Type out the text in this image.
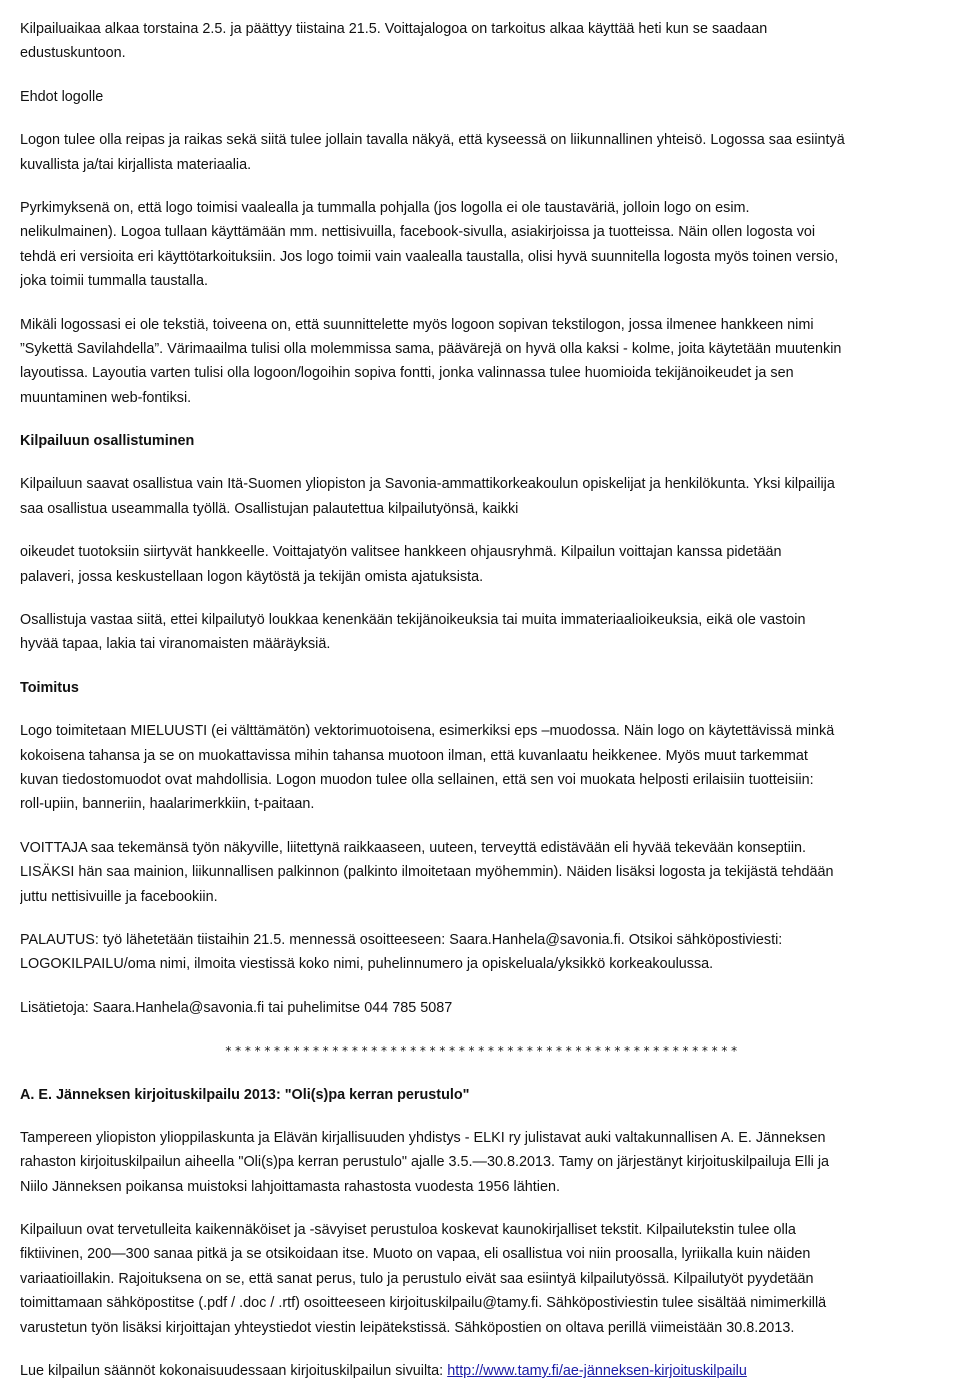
Kilpailuaikaa alkaa torstaina 2.5. ja päättyy tiistaina 21.5. Voittajalogoa on tarkoitus alkaa käyttää heti kun se saadaan
edustuskuntoon.
Ehdot logolle
Logon tulee olla reipas ja raikas sekä siitä tulee jollain tavalla näkyä, että kyseessä on liikunnallinen yhteisö. Logossa saa esiintyä
kuvallista ja/tai kirjallista materiaalia.
Pyrkimyksenä on, että logo toimisi vaalealla ja tummalla pohjalla (jos logolla ei ole taustaväriä, jolloin logo on esim.
nelikulmainen). Logoa tullaan käyttämään mm. nettisivuilla, facebook-sivulla, asiakirjoissa ja tuotteissa. Näin ollen logosta voi
tehdä eri versioita eri käyttötarkoituksiin. Jos logo toimii vain vaalealla taustalla, olisi hyvä suunnitella logosta myös toinen versio,
joka toimii tummalla taustalla.
Mikäli logossasi ei ole tekstiä, toiveena on, että suunnittelette myös logoon sopivan tekstilogon, jossa ilmenee hankkeen nimi
”Sykettä Savilahdella”. Värimaailma tulisi olla molemmissa sama, päävärejä on hyvä olla kaksi - kolme, joita käytetään muutenkin
layoutissa. Layoutia varten tulisi olla logoon/logoihin sopiva fontti, jonka valinnassa tulee huomioida tekijänoikeudet ja sen
muuntaminen web-fontiksi.
Kilpailuun osallistuminen
Kilpailuun saavat osallistua vain Itä-Suomen yliopiston ja Savonia-ammattikorkeakoulun opiskelijat ja henkilökunta. Yksi kilpailija
saa osallistua useammalla työllä. Osallistujan palautettua kilpailutyönsä, kaikki
oikeudet tuotoksiin siirtyvät hankkeelle. Voittajatyön valitsee hankkeen ohjausryhmä. Kilpailun voittajan kanssa pidetään
palaveri, jossa keskustellaan logon käytöstä ja tekijän omista ajatuksista.
Osallistuja vastaa siitä, ettei kilpailutyö loukkaa kenenkään tekijänoikeuksia tai muita immateriaalioikeuksia, eikä ole vastoin
hyvää tapaa, lakia tai viranomaisten määräyksiä.
Toimitus
Logo toimitetaan MIELUUSTI (ei välttämätön) vektorimuotoisena, esimerkiksi eps –muodossa. Näin logo on käytettävissä minkä
kokoisena tahansa ja se on muokattavissa mihin tahansa muotoon ilman, että kuvanlaatu heikkenee. Myös muut tarkemmat
kuvan tiedostomuodot ovat mahdollisia. Logon muodon tulee olla sellainen, että sen voi muokata helposti erilaisiin tuotteisiin:
roll-upiin, banneriin, haalarimerkkiin, t-paitaan.
VOITTAJA saa tekemänsä työn näkyville, liitettynä raikkaaseen, uuteen, terveyttä edistävään eli hyvää tekevään konseptiin.
LISÄKSI hän saa mainion, liikunnallisen palkinnon (palkinto ilmoitetaan myöhemmin). Näiden lisäksi logosta ja tekijästä tehdään
juttu nettisivuille ja facebookiin.
PALAUTUS: työ lähetetään tiistaihin 21.5. mennessä osoitteeseen: Saara.Hanhela@savonia.fi. Otsikoi sähköpostiviesti:
LOGOKILPAILU/oma nimi, ilmoita viestissä koko nimi, puhelinnumero ja opiskeluala/yksikkö korkeakoulussa.
Lisätietoja: Saara.Hanhela@savonia.fi tai puhelimitse 044 785 5087
*****************************************************
A. E. Jänneksen kirjoituskilpailu 2013: "Oli(s)pa kerran perustulo"
Tampereen yliopiston ylioppilaskunta ja Elävän kirjallisuuden yhdistys - ELKI ry julistavat auki valtakunnallisen A. E. Jänneksen
rahaston kirjoituskilpailun aiheella "Oli(s)pa kerran perustulo" ajalle 3.5.—30.8.2013. Tamy on järjestänyt kirjoituskilpailuja Elli ja
Niilo Jänneksen poikansa muistoksi lahjoittamasta rahastosta vuodesta 1956 lähtien.
Kilpailuun ovat tervetulleita kaikennäköiset ja -sävyiset perustuloa koskevat kaunokirjalliset tekstit. Kilpailutekstin tulee olla
fiktiivinen, 200—300 sanaa pitkä ja se otsikoidaan itse. Muoto on vapaa, eli osallistua voi niin proosalla, lyriikalla kuin näiden
variaatioillakin. Rajoituksena on se, että sanat perus, tulo ja perustulo eivät saa esiintyä kilpailutyössä. Kilpailutyöt pyydetään
toimittamaan sähköpostitse (.pdf / .doc / .rtf) osoitteeseen kirjoituskilpailu@tamy.fi. Sähköpostiviestin tulee sisältää nimimerkillä
varustetun työn lisäksi kirjoittajan yhteystiedot viestin leipätekstissä. Sähköpostien on oltava perillä viimeistään 30.8.2013.
Lue kilpailun säännöt kokonaisuudessaan kirjoituskilpailun sivuilta: http://www.tamy.fi/ae-jänneksen-kirjoituskilpailu
